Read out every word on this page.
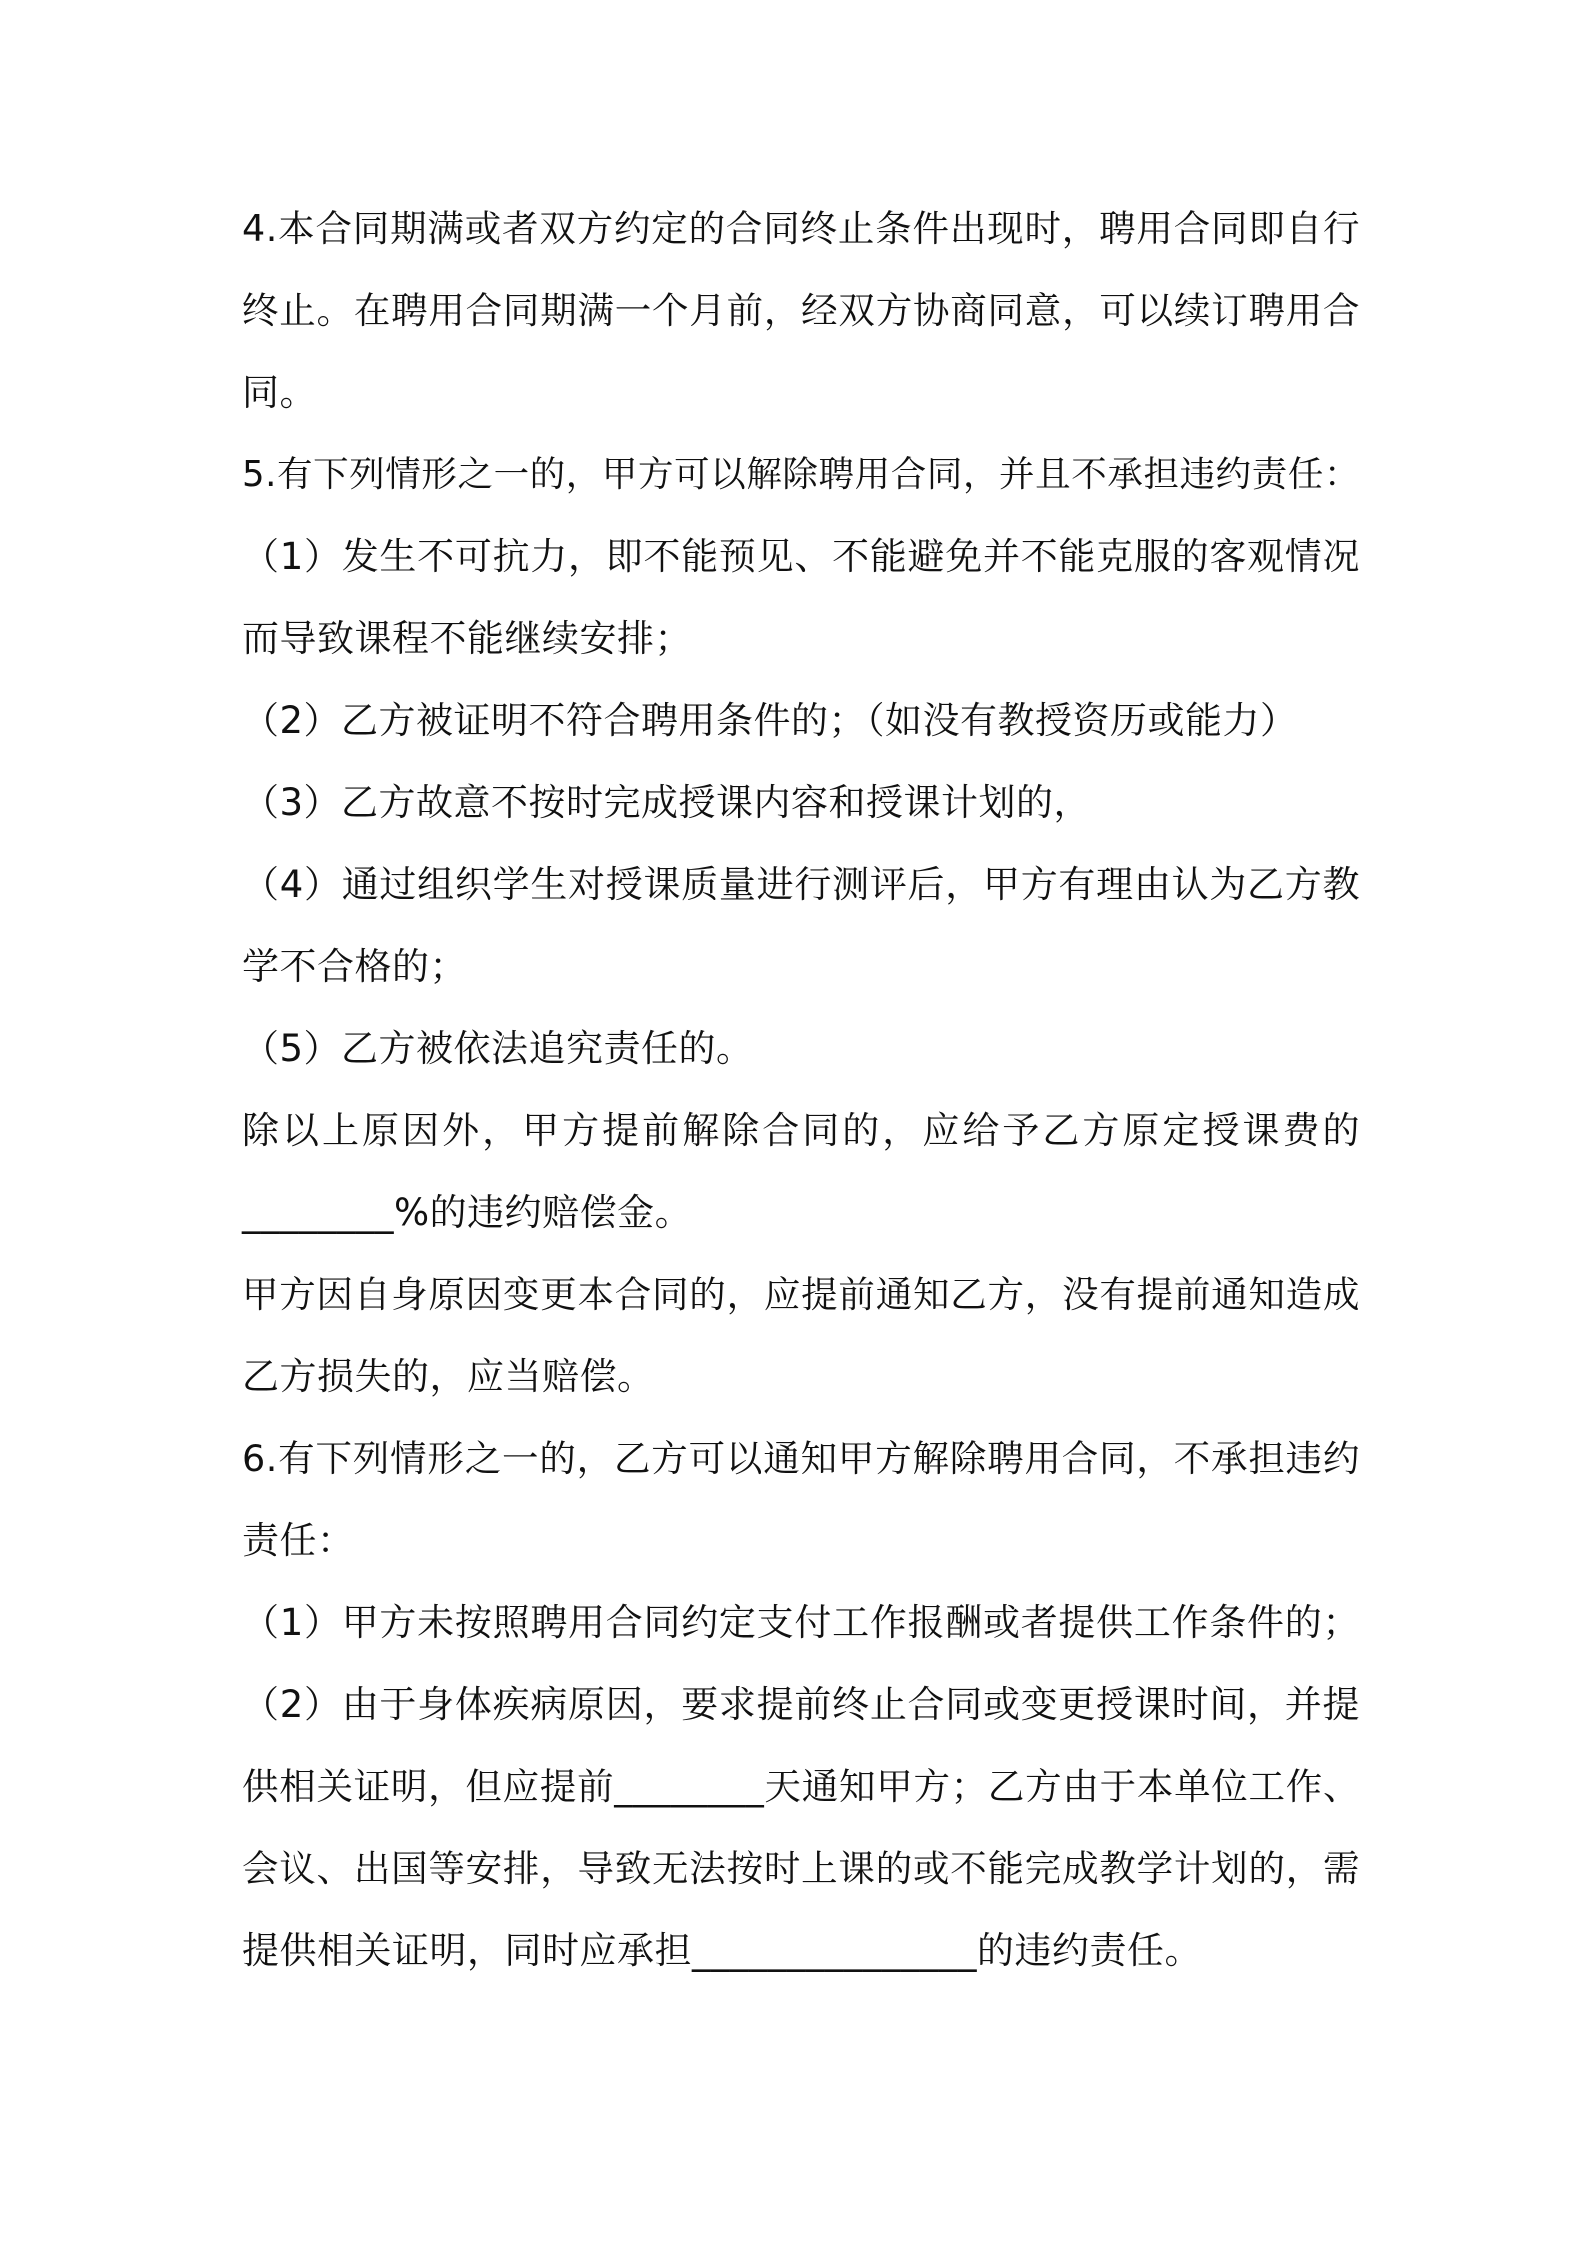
4.本合同期满或者双方约定的合同终止条件出现时，聘用合同即自行
终止。在聘用合同期满一个月前，经双方协商同意，可以续订聘用合
同。
5.有下列情形之一的，甲方可以解除聘用合同，并且不承担违约责任：
（1）发生不可抗力，即不能预见、不能避免并不能克服的客观情况
而导致课程不能继续安排；
（2）乙方被证明不符合聘用条件的；（如没有教授资历或能力）
（3）乙方故意不按时完成授课内容和授课计划的，
（4）通过组织学生对授课质量进行测评后，甲方有理由认为乙方教
学不合格的；
（5）乙方被依法追究责任的。
除以上原因外，甲方提前解除合同的，应给予乙方原定授课费的
________%的违约赔偿金。
甲方因自身原因变更本合同的，应提前通知乙方，没有提前通知造成
乙方损失的，应当赔偿。
6.有下列情形之一的，乙方可以通知甲方解除聘用合同，不承担违约
责任：
（1）甲方未按照聘用合同约定支付工作报酬或者提供工作条件的；
（2）由于身体疾病原因，要求提前终止合同或变更授课时间，并提
供相关证明，但应提前________天通知甲方；乙方由于本单位工作、
会议、出国等安排，导致无法按时上课的或不能完成教学计划的，需
提供相关证明，同时应承担_______________的违约责任。
